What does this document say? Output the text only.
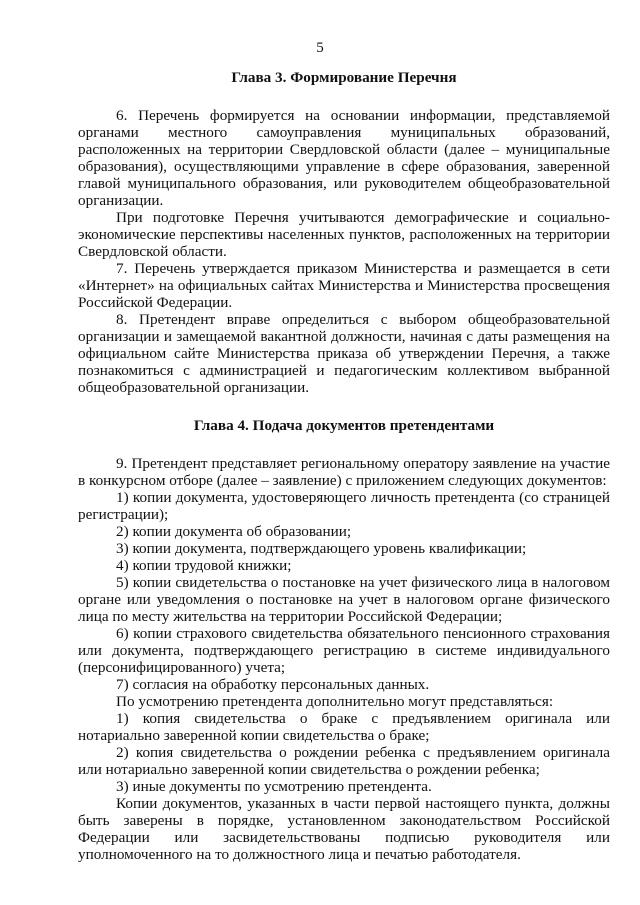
5
Глава 3. Формирование Перечня

6. Перечень формируется на основании информации, представляемой органами местного самоуправления муниципальных образований, расположенных на территории Свердловской области (далее – муниципальные образования), осуществляющими управление в сфере образования, заверенной главой муниципального образования, или руководителем общеобразовательной организации.

При подготовке Перечня учитываются демографические и социально-экономические перспективы населенных пунктов, расположенных на территории Свердловской области.

7. Перечень утверждается приказом Министерства и размещается в сети «Интернет» на официальных сайтах Министерства и Министерства просвещения Российской Федерации.

8. Претендент вправе определиться с выбором общеобразовательной организации и замещаемой вакантной должности, начиная с даты размещения на официальном сайте Министерства приказа об утверждении Перечня, а также познакомиться с администрацией и педагогическим коллективом выбранной общеобразовательной организации.

Глава 4. Подача документов претендентами

9. Претендент представляет региональному оператору заявление на участие в конкурсном отборе (далее – заявление) с приложением следующих документов:

1) копии документа, удостоверяющего личность претендента (со страницей регистрации);

2) копии документа об образовании;

3) копии документа, подтверждающего уровень квалификации;

4) копии трудовой книжки;

5) копии свидетельства о постановке на учет физического лица в налоговом органе или уведомления о постановке на учет в налоговом органе физического лица по месту жительства на территории Российской Федерации;

6) копии страхового свидетельства обязательного пенсионного страхования или документа, подтверждающего регистрацию в системе индивидуального (персонифицированного) учета;

7) согласия на обработку персональных данных.

По усмотрению претендента дополнительно могут представляться:

1) копия свидетельства о браке с предъявлением оригинала или нотариально заверенной копии свидетельства о браке;

2) копия свидетельства о рождении ребенка с предъявлением оригинала или нотариально заверенной копии свидетельства о рождении ребенка;

3) иные документы по усмотрению претендента.

Копии документов, указанных в части первой настоящего пункта, должны быть заверены в порядке, установленном законодательством Российской Федерации или засвидетельствованы подписью руководителя или уполномоченного на то должностного лица и печатью работодателя.
